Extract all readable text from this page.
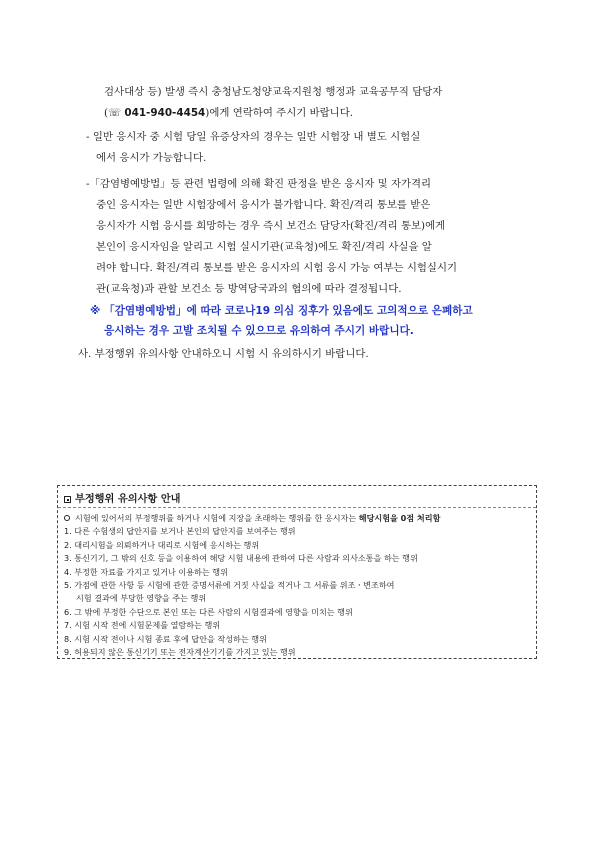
검사대상 등) 발생 즉시 충청남도청양교육지원청 행정과 교육공무직 담당자
(☏ 041-940-4454)에게 연락하여 주시기 바랍니다.
- 일반 응시자 중 시험 당일 유증상자의 경우는 일반 시험장 내 별도 시험실
에서 응시가 가능합니다.
-「감염병예방법」등 관련 법령에 의해 확진 판정을 받은 응시자 및 자가격리
중인 응시자는 일반 시험장에서 응시가 불가합니다. 확진/격리 통보를 받은
응시자가 시험 응시를 희망하는 경우 즉시 보건소 담당자(확진/격리 통보)에게
본인이 응시자임을 알리고 시험 실시기관(교육청)에도 확진/격리 사실을 알
려야 합니다. 확진/격리 통보를 받은 응시자의 시험 응시 가능 여부는 시험실시기
관(교육청)과 관할 보건소 등 방역당국과의 협의에 따라 결정됩니다.
※ 「감염병예방법」에 따라 코로나19 의심 징후가 있음에도 고의적으로 은폐하고
응시하는 경우 고발 조치될 수 있으므로 유의하여 주시기 바랍니다.
사. 부정행위 유의사항 안내하오니 시험 시 유의하시기 바랍니다.
부정행위 유의사항 안내
시험에 있어서의 부정행위를 하거나 시험에 지장을 초래하는 행위를 한 응시자는 해당시험을 0점 처리함
1. 다른 수험생의 답안지를 보거나 본인의 답안지를 보여주는 행위
2. 대리시험을 의뢰하거나 대리로 시험에 응시하는 행위
3. 통신기기, 그 밖의 신호 등을 이용하여 해당 시험 내용에 관하여 다른 사람과 의사소통을 하는 행위
4. 부정한 자료를 가지고 있거나 이용하는 행위
5. 가점에 관한 사항 등 시험에 관한 증명서류에 거짓 사실을 적거나 그 서류를 위조ㆍ변조하여
시험 결과에 부당한 영향을 주는 행위
6. 그 밖에 부정한 수단으로 본인 또는 다른 사람의 시험결과에 영향을 미치는 행위
7. 시험 시작 전에 시험문제를 열람하는 행위
8. 시험 시작 전이나 시험 종료 후에 답안을 작성하는 행위
9. 허용되지 않은 통신기기 또는 전자계산기기를 가지고 있는 행위
